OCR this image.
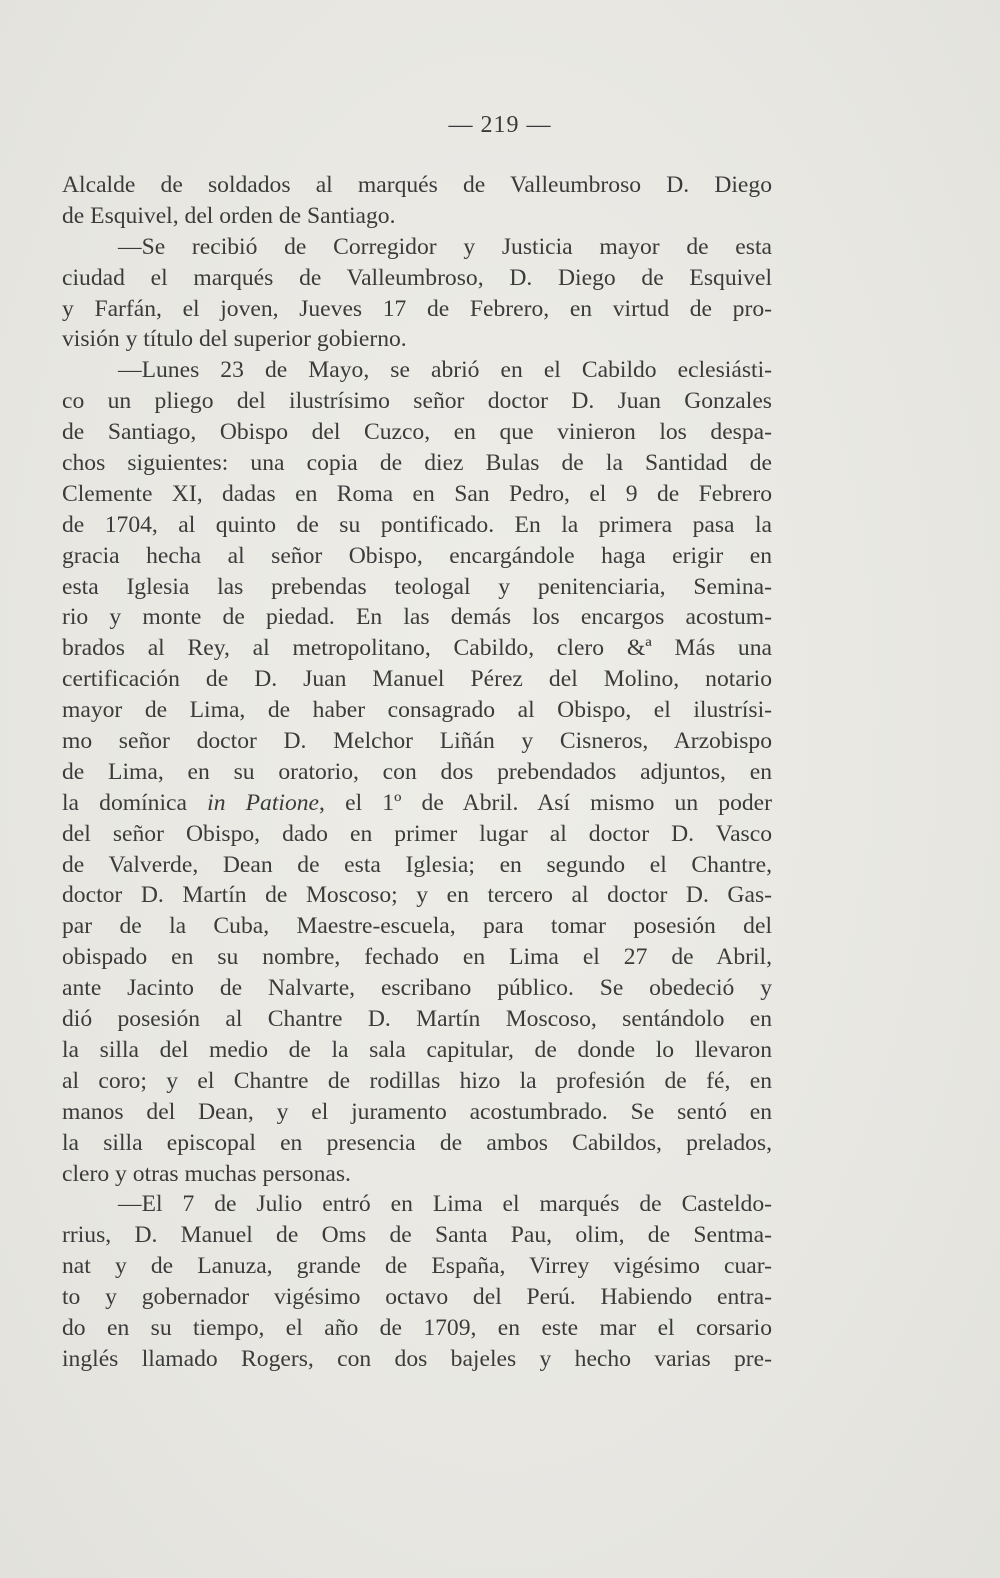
— 219 —
Alcalde de soldados al marqués de Valleumbroso D. Diego
de Esquivel, del orden de Santiago.
—Se recibió de Corregidor y Justicia mayor de esta
ciudad el marqués de Valleumbroso, D. Diego de Esquivel
y Farfán, el joven, Jueves 17 de Febrero, en virtud de pro-
visión y título del superior gobierno.
—Lunes 23 de Mayo, se abrió en el Cabildo eclesiásti-
co un pliego del ilustrísimo señor doctor D. Juan Gonzales
de Santiago, Obispo del Cuzco, en que vinieron los despa-
chos siguientes: una copia de diez Bulas de la Santidad de
Clemente XI, dadas en Roma en San Pedro, el 9 de Febrero
de 1704, al quinto de su pontificado. En la primera pasa la
gracia hecha al señor Obispo, encargándole haga erigir en
esta Iglesia las prebendas teologal y penitenciaria, Semina-
rio y monte de piedad. En las demás los encargos acostum-
brados al Rey, al metropolitano, Cabildo, clero &ª Más una
certificación de D. Juan Manuel Pérez del Molino, notario
mayor de Lima, de haber consagrado al Obispo, el ilustrísi-
mo señor doctor D. Melchor Liñán y Cisneros, Arzobispo
de Lima, en su oratorio, con dos prebendados adjuntos, en
la domínica in Patione, el 1º de Abril. Así mismo un poder
del señor Obispo, dado en primer lugar al doctor D. Vasco
de Valverde, Dean de esta Iglesia; en segundo el Chantre,
doctor D. Martín de Moscoso; y en tercero al doctor D. Gas-
par de la Cuba, Maestre-escuela, para tomar posesión del
obispado en su nombre, fechado en Lima el 27 de Abril,
ante Jacinto de Nalvarte, escribano público. Se obedeció y
dió posesión al Chantre D. Martín Moscoso, sentándolo en
la silla del medio de la sala capitular, de donde lo llevaron
al coro; y el Chantre de rodillas hizo la profesión de fé, en
manos del Dean, y el juramento acostumbrado. Se sentó en
la silla episcopal en presencia de ambos Cabildos, prelados,
clero y otras muchas personas.
—El 7 de Julio entró en Lima el marqués de Casteldo-
rrius, D. Manuel de Oms de Santa Pau, olim, de Sentma-
nat y de Lanuza, grande de España, Virrey vigésimo cuar-
to y gobernador vigésimo octavo del Perú. Habiendo entra-
do en su tiempo, el año de 1709, en este mar el corsario
inglés llamado Rogers, con dos bajeles y hecho varias pre-
